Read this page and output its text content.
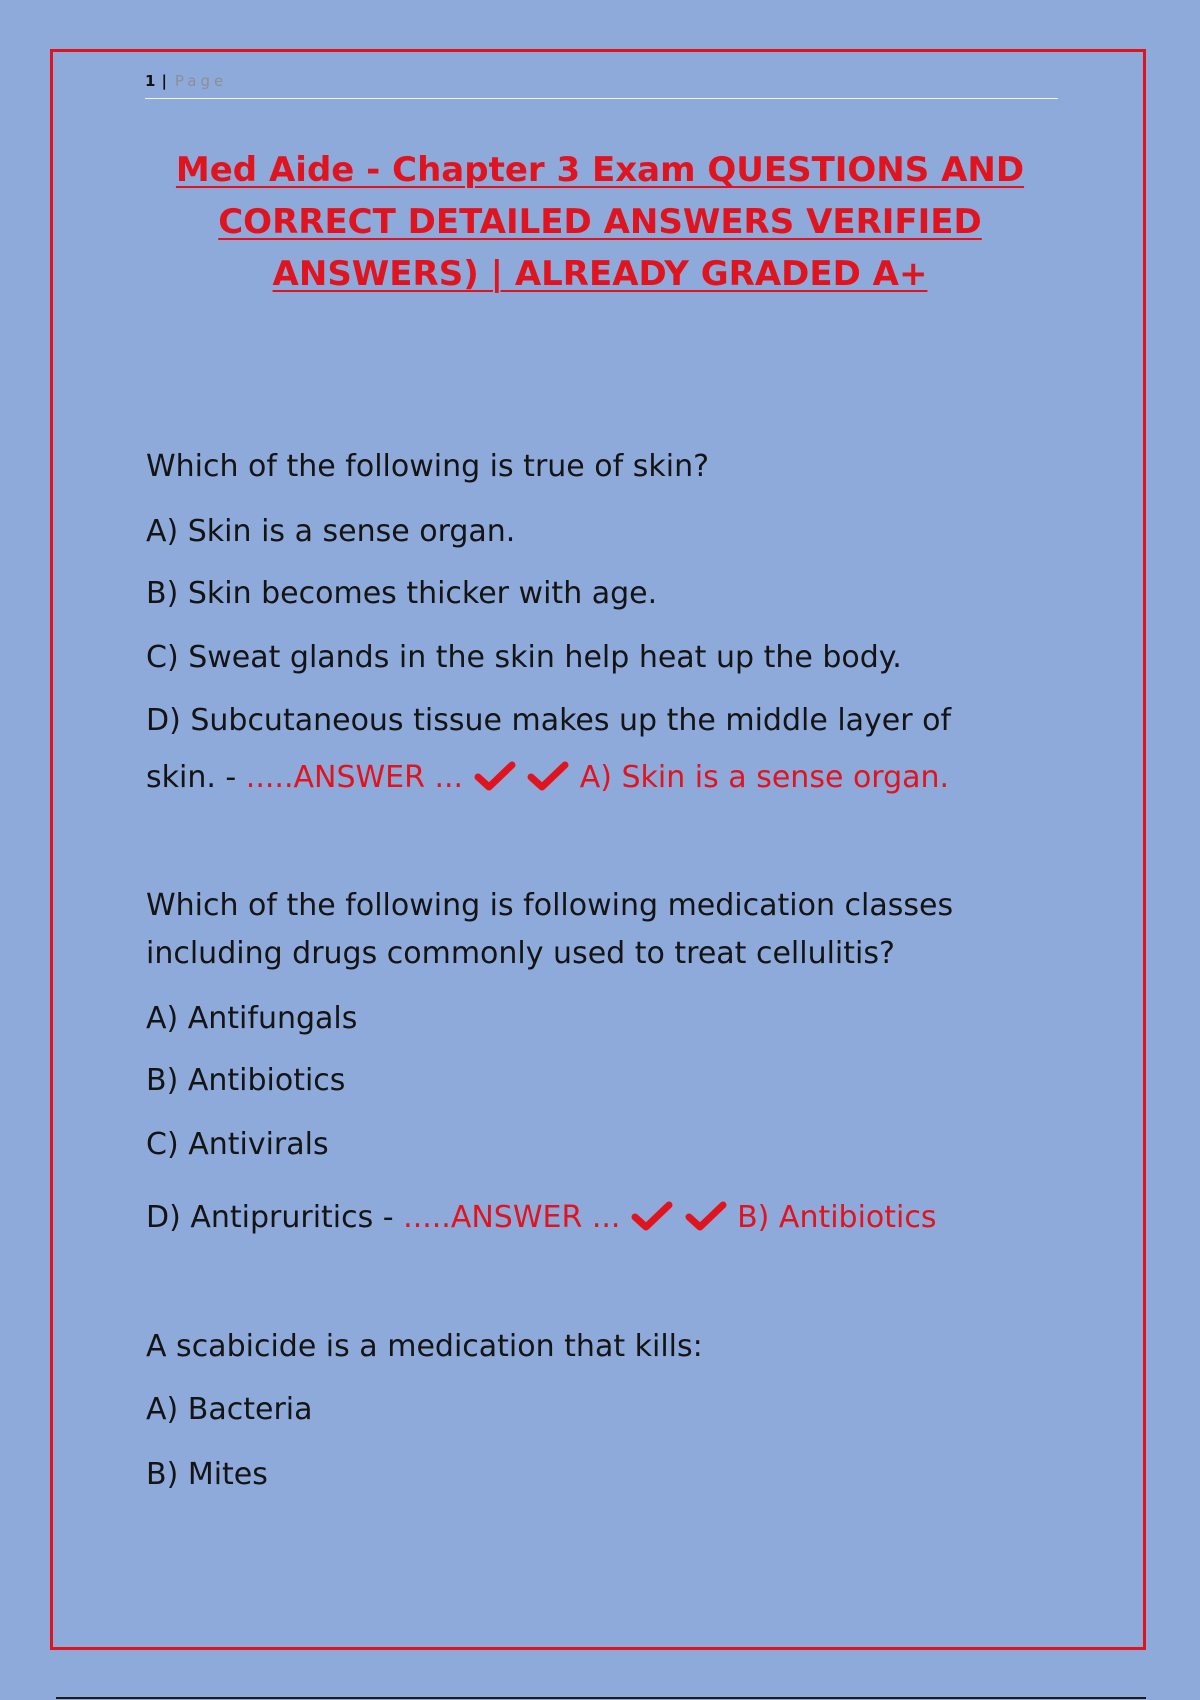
1 | Page
Med Aide - Chapter 3 Exam QUESTIONS AND
CORRECT DETAILED ANSWERS VERIFIED
ANSWERS) | ALREADY GRADED A+
Which of the following is true of skin?
A) Skin is a sense organ.
B) Skin becomes thicker with age.
C) Sweat glands in the skin help heat up the body.
D) Subcutaneous tissue makes up the middle layer of
skin. - .....ANSWER ...
	A) Skin is a sense organ.
Which of the following is following medication classes
including drugs commonly used to treat cellulitis?
A) Antifungals
B) Antibiotics
C) Antivirals
D) Antipruritics - .....ANSWER ...
	B) Antibiotics
A scabicide is a medication that kills:
A) Bacteria
B) Mites
